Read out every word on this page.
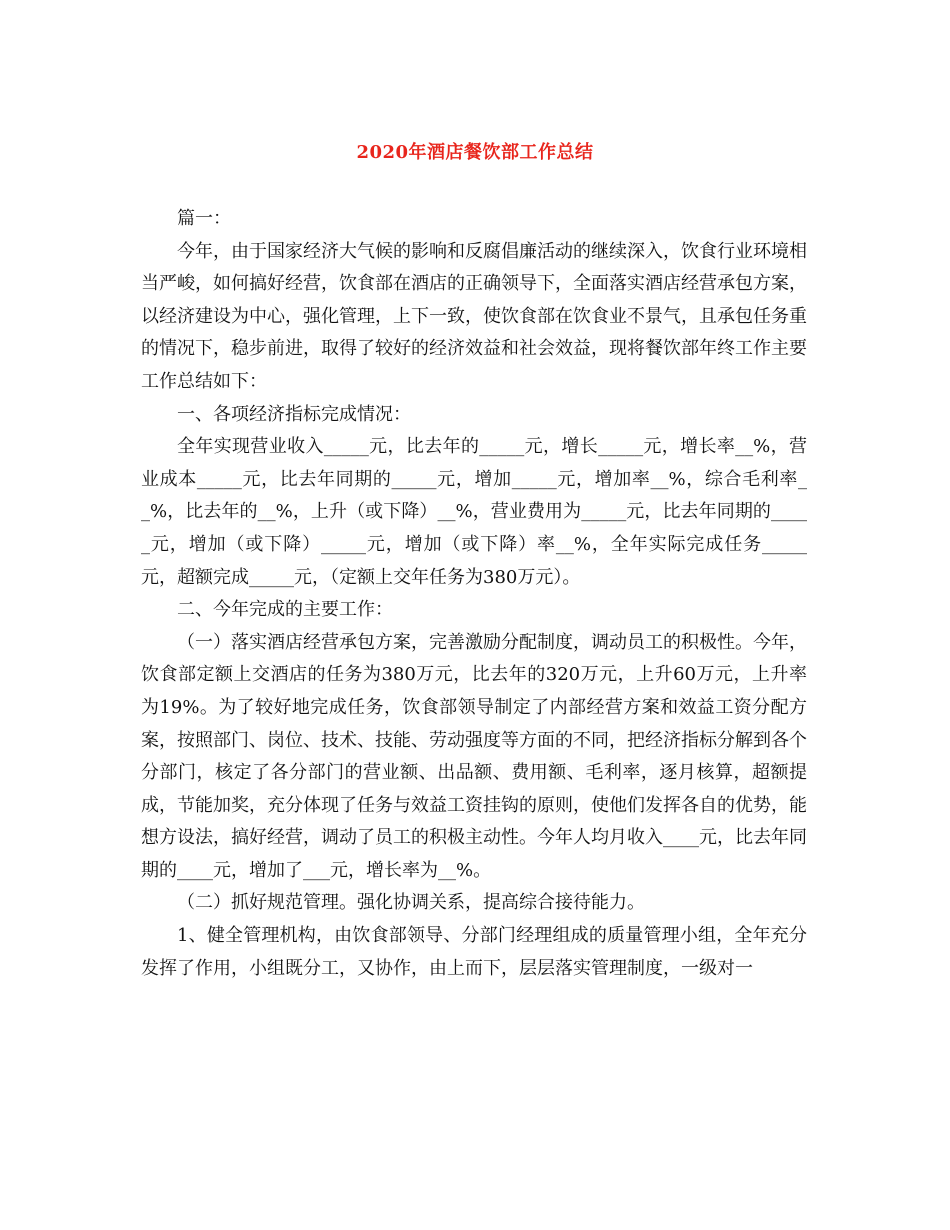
2020年酒店餐饮部工作总结

篇一：

今年，由于国家经济大气候的影响和反腐倡廉活动的继续深入，饮食行业环境相当严峻，如何搞好经营，饮食部在酒店的正确领导下，全面落实酒店经营承包方案，以经济建设为中心，强化管理，上下一致，使饮食部在饮食业不景气，且承包任务重的情况下，稳步前进，取得了较好的经济效益和社会效益，现将餐饮部年终工作主要工作总结如下：

一、各项经济指标完成情况：

全年实现营业收入_____元，比去年的_____元，增长_____元，增长率__%，营业成本_____元，比去年同期的_____元，增加_____元，增加率__%，综合毛利率__%，比去年的__%，上升（或下降）__%，营业费用为_____元，比去年同期的_____元，增加（或下降）_____元，增加（或下降）率__%，全年实际完成任务_____元，超额完成_____元，（定额上交年任务为380万元）。

二、今年完成的主要工作：

（一）落实酒店经营承包方案，完善激励分配制度，调动员工的积极性。今年，饮食部定额上交酒店的任务为380万元，比去年的320万元，上升60万元，上升率为19%。为了较好地完成任务，饮食部领导制定了内部经营方案和效益工资分配方案，按照部门、岗位、技术、技能、劳动强度等方面的不同，把经济指标分解到各个分部门，核定了各分部门的营业额、出品额、费用额、毛利率，逐月核算，超额提成，节能加奖，充分体现了任务与效益工资挂钩的原则，使他们发挥各自的优势，能想方设法，搞好经营，调动了员工的积极主动性。今年人均月收入____元，比去年同期的____元，增加了___元，增长率为__%。

（二）抓好规范管理。强化协调关系，提高综合接待能力。

1、健全管理机构，由饮食部领导、分部门经理组成的质量管理小组，全年充分发挥了作用，小组既分工，又协作，由上而下，层层落实管理制度，一级对一
